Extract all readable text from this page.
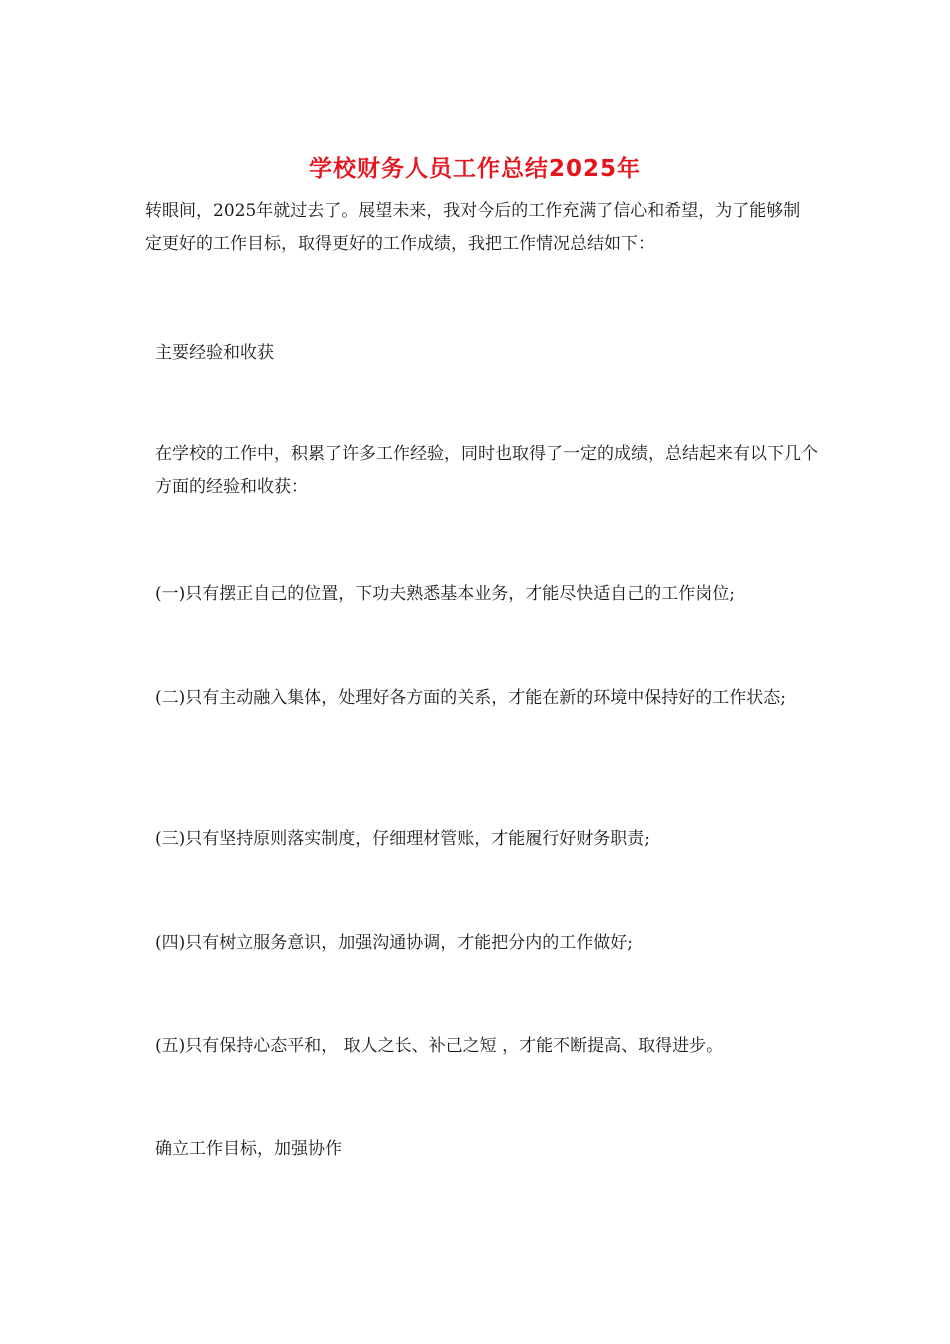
学校财务人员工作总结2025年

转眼间，2025年就过去了。展望未来，我对今后的工作充满了信心和希望，为了能够制定更好的工作目标，取得更好的工作成绩，我把工作情况总结如下：

主要经验和收获

在学校的工作中，积累了许多工作经验，同时也取得了一定的成绩，总结起来有以下几个方面的经验和收获：

(一)只有摆正自己的位置，下功夫熟悉基本业务，才能尽快适自己的工作岗位;

(二)只有主动融入集体，处理好各方面的关系，才能在新的环境中保持好的工作状态;

(三)只有坚持原则落实制度，仔细理材管账，才能履行好财务职责;

(四)只有树立服务意识，加强沟通协调，才能把分内的工作做好;

(五)只有保持心态平和， 取人之长、补己之短 ，才能不断提高、取得进步。

确立工作目标，加强协作
